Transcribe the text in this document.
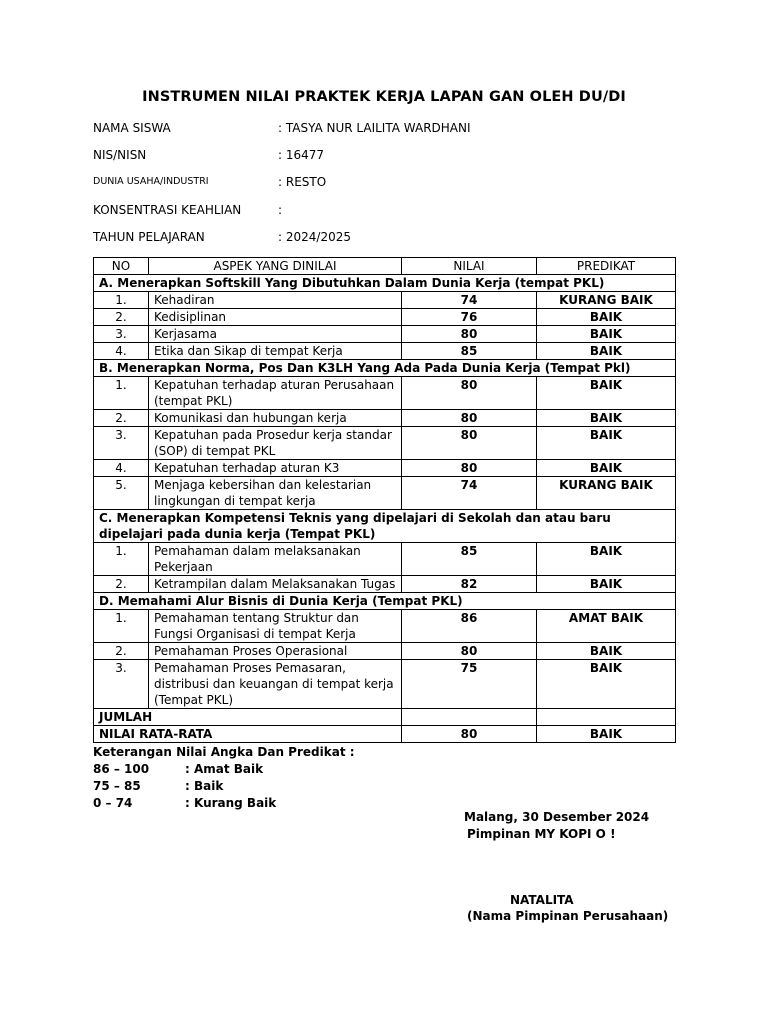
INSTRUMEN NILAI PRAKTEK KERJA LAPAN GAN OLEH DU/DI
NAMA SISWA	: TASYA NUR LAILITA WARDHANI
NIS/NISN	: 16477
DUNIA USAHA/INDUSTRI	: RESTO
KONSENTRASI KEAHLIAN	:
TAHUN PELAJARAN	: 2024/2025
NO	ASPEK YANG DINILAI	NILAI	PREDIKAT
A. Menerapkan Softskill Yang Dibutuhkan Dalam Dunia Kerja (tempat PKL)			
1.	Kehadiran	74	KURANG BAIK
2.	Kedisiplinan	76	BAIK
3.	Kerjasama	80	BAIK
4.	Etika dan Sikap di tempat Kerja	85	BAIK
B. Menerapkan Norma, Pos Dan K3LH Yang Ada Pada Dunia Kerja (Tempat Pkl)			
1.	Kepatuhan terhadap aturan Perusahaan (tempat PKL)	80	BAIK
2.	Komunikasi dan hubungan kerja	80	BAIK
3.	Kepatuhan pada Prosedur kerja standar (SOP) di tempat PKL	80	BAIK
4.	Kepatuhan terhadap aturan K3	80	BAIK
5.	Menjaga kebersihan dan kelestarian lingkungan di tempat kerja	74	KURANG BAIK
C. Menerapkan Kompetensi Teknis yang dipelajari di Sekolah dan atau baru dipelajari pada dunia kerja (Tempat PKL)			
1.	Pemahaman dalam melaksanakan Pekerjaan	85	BAIK
2.	Ketrampilan dalam Melaksanakan Tugas	82	BAIK
D. Memahami Alur Bisnis di Dunia Kerja (Tempat PKL)			
1.	Pemahaman tentang Struktur dan Fungsi Organisasi di tempat Kerja	86	AMAT BAIK
2.	Pemahaman Proses Operasional	80	BAIK
3.	Pemahaman Proses Pemasaran, distribusi dan keuangan di tempat kerja (Tempat PKL)	75	BAIK
JUMLAH			
NILAI RATA-RATA		80	BAIK
Keterangan Nilai Angka Dan Predikat :
86 – 100	: Amat Baik
75 – 85	: Baik
0 – 74	: Kurang Baik
Malang, 30 Desember 2024
Pimpinan MY KOPI O !
NATALITA
(Nama Pimpinan Perusahaan)
